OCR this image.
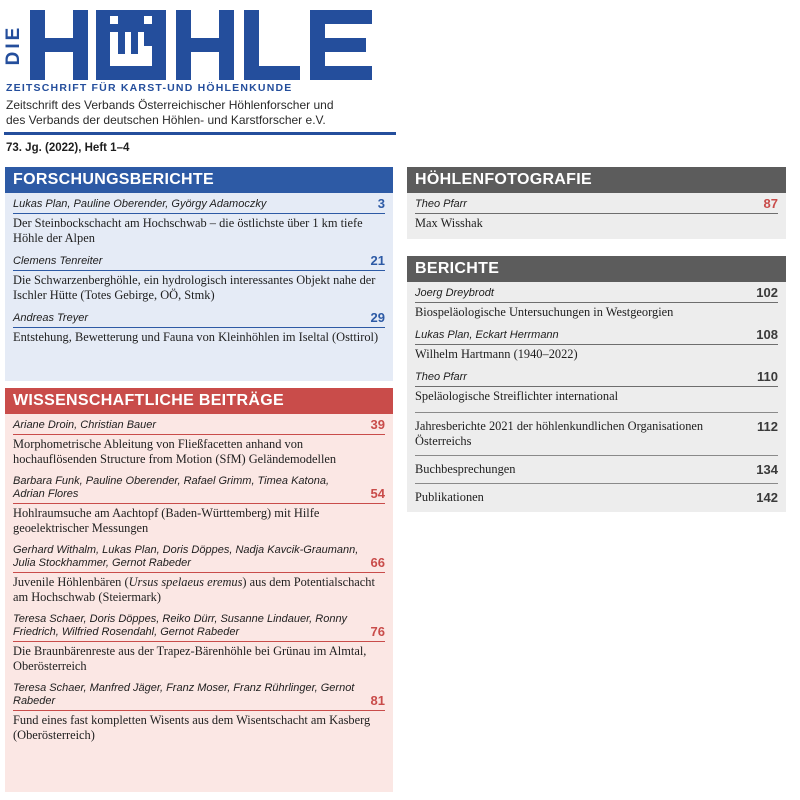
DIE
ZEITSCHRIFT FÜR KARST-UND HÖHLENKUNDE
Zeitschrift des Verbands Österreichischer Höhlenforscher und
des Verbands der deutschen Höhlen- und Karstforscher e.V.
73. Jg. (2022), Heft 1–4
FORSCHUNGSBERICHTE
Lukas Plan, Pauline Oberender, György Adamoczky	3
Der Steinbockschacht am Hochschwab – die östlichste über 1 km tiefe Höhle der Alpen
Clemens Tenreiter	21
Die Schwarzenberghöhle, ein hydrologisch interessantes Objekt nahe der Ischler Hütte (Totes Gebirge, OÖ, Stmk)
Andreas Treyer	29
Entstehung, Bewetterung und Fauna von Kleinhöhlen im Iseltal (Osttirol)
WISSENSCHAFTLICHE BEITRÄGE
Ariane Droin, Christian Bauer	39
Morphometrische Ableitung von Fließfacetten anhand von hochauflösenden Structure from Motion (SfM) Geländemodellen
Barbara Funk, Pauline Oberender, Rafael Grimm, Timea Katona, Adrian Flores	54
Hohlraumsuche am Aachtopf (Baden-Württemberg) mit Hilfe geoelektrischer Messungen
Gerhard Withalm, Lukas Plan, Doris Döppes, Nadja Kavcik-Graumann, Julia Stockhammer, Gernot Rabeder	66
Juvenile Höhlenbären (Ursus spelaeus eremus) aus dem Potentialschacht am Hochschwab (Steiermark)
Teresa Schaer, Doris Döppes, Reiko Dürr, Susanne Lindauer, Ronny Friedrich, Wilfried Rosendahl, Gernot Rabeder	76
Die Braunbärenreste aus der Trapez-Bärenhöhle bei Grünau im Almtal, Oberösterreich
Teresa Schaer, Manfred Jäger, Franz Moser, Franz Rührlinger, Gernot Rabeder	81
Fund eines fast kompletten Wisents aus dem Wisentschacht am Kasberg (Oberösterreich)
HÖHLENFOTOGRAFIE
Theo Pfarr	87
Max Wisshak
BERICHTE
Joerg Dreybrodt	102
Biospeläologische Untersuchungen in Westgeorgien
Lukas Plan, Eckart Herrmann	108
Wilhelm Hartmann (1940–2022)
Theo Pfarr	110
Speläologische Streiflichter international
Jahresberichte 2021 der höhlenkundlichen Organisationen Österreichs
112
Buchbesprechungen	134
Publikationen	142
